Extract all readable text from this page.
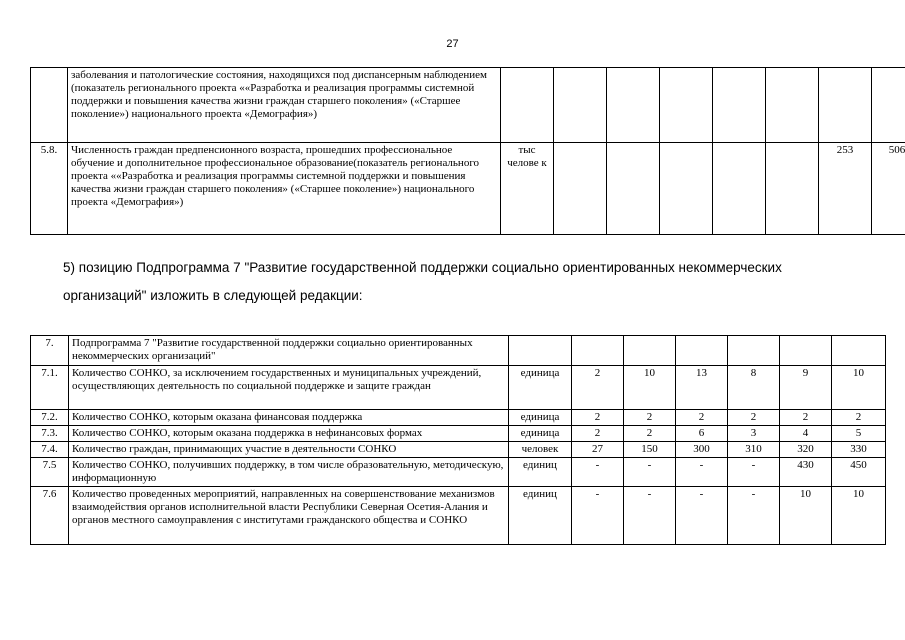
27
	заболевания и патологические состояния, находящихся под диспансерным наблюдением (показатель регионального проекта ««Разработка и реализация программы системной поддержки и повышения качества жизни граждан старшего поколения» («Старшее поколение») национального проекта «Демография»)								
5.8.	Численность граждан предпенсионного возраста, прошедших профессиональное обучение и дополнительное профессиональное образование(показатель регионального проекта ««Разработка и реализация программы системной поддержки и повышения качества жизни граждан старшего поколения» («Старшее поколение») национального проекта «Демография»)	тыс челове к						253	506
5) позицию Подпрограмма 7 "Развитие государственной поддержки социально ориентированных некоммерческих
организаций" изложить в следующей редакции:
7.	Подпрограмма 7 "Развитие государственной поддержки социально ориентированных некоммерческих организаций"							
7.1.	Количество СОНКО, за исключением государственных и муниципальных учреждений, осуществляющих деятельность по социальной поддержке и защите граждан	единица	2	10	13	8	9	10
7.2.	Количество СОНКО, которым оказана финансовая поддержка	единица	2	2	2	2	2	2
7.3.	Количество СОНКО, которым оказана поддержка в нефинансовых формах	единица	2	2	6	3	4	5
7.4.	Количество граждан, принимающих участие в деятельности СОНКО	человек	27	150	300	310	320	330
7.5	Количество СОНКО, получивших поддержку, в том числе образовательную, методическую, информационную	единиц	-	-	-	-	430	450
7.6	Количество проведенных мероприятий, направленных на совершенствование механизмов взаимодействия органов исполнительной власти Республики Северная Осетия-Алания и органов местного самоуправления с институтами гражданского общества и СОНКО	единиц	-	-	-	-	10	10
